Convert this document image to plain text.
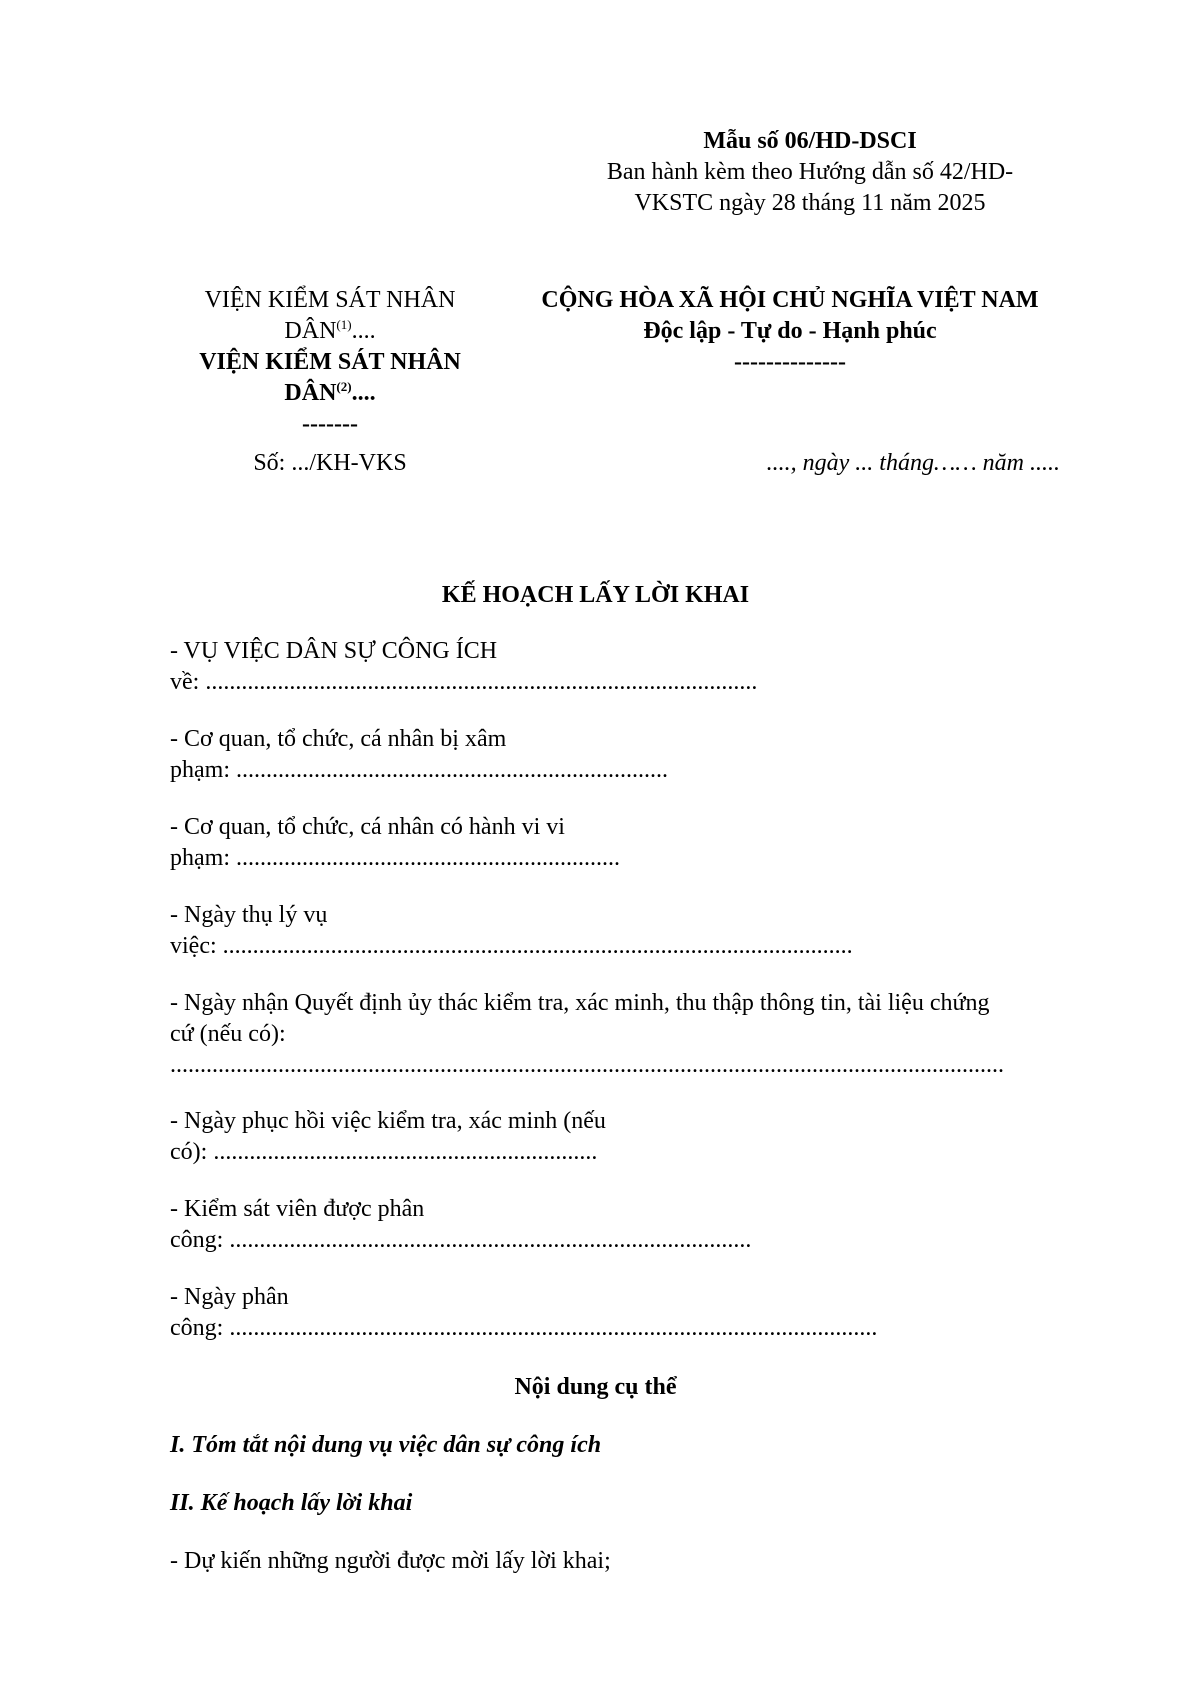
Mẫu số 06/HD-DSCI
Ban hành kèm theo Hướng dẫn số 42/HD-
VKSTC ngày 28 tháng 11 năm 2025
VIỆN KIỂM SÁT NHÂN
DÂN$^{(1)}$....
VIỆN KIỂM SÁT NHÂN
DÂN$^{(2)}$....
-------
Số: .../KH-VKS
CỘNG HÒA XÃ HỘI CHỦ NGHĨA VIỆT NAM
Độc lập - Tự do - Hạnh phúc
--------------
...., ngày ... tháng…… năm .....
KẾ HOẠCH LẤY LỜI KHAI
- VỤ VIỆC DÂN SỰ CÔNG ÍCH
về: ............................................................................................
- Cơ quan, tổ chức, cá nhân bị xâm
phạm: ........................................................................
- Cơ quan, tổ chức, cá nhân có hành vi vi
phạm: ................................................................
- Ngày thụ lý vụ
việc: .........................................................................................................
- Ngày nhận Quyết định ủy thác kiểm tra, xác minh, thu thập thông tin, tài liệu chứng
cứ (nếu có):
...........................................................................................................................................
- Ngày phục hồi việc kiểm tra, xác minh (nếu
có): ................................................................
- Kiểm sát viên được phân
công: .......................................................................................
- Ngày phân
công: ............................................................................................................
Nội dung cụ thể
I. Tóm tắt nội dung vụ việc dân sự công ích
II. Kế hoạch lấy lời khai
- Dự kiến những người được mời lấy lời khai;
